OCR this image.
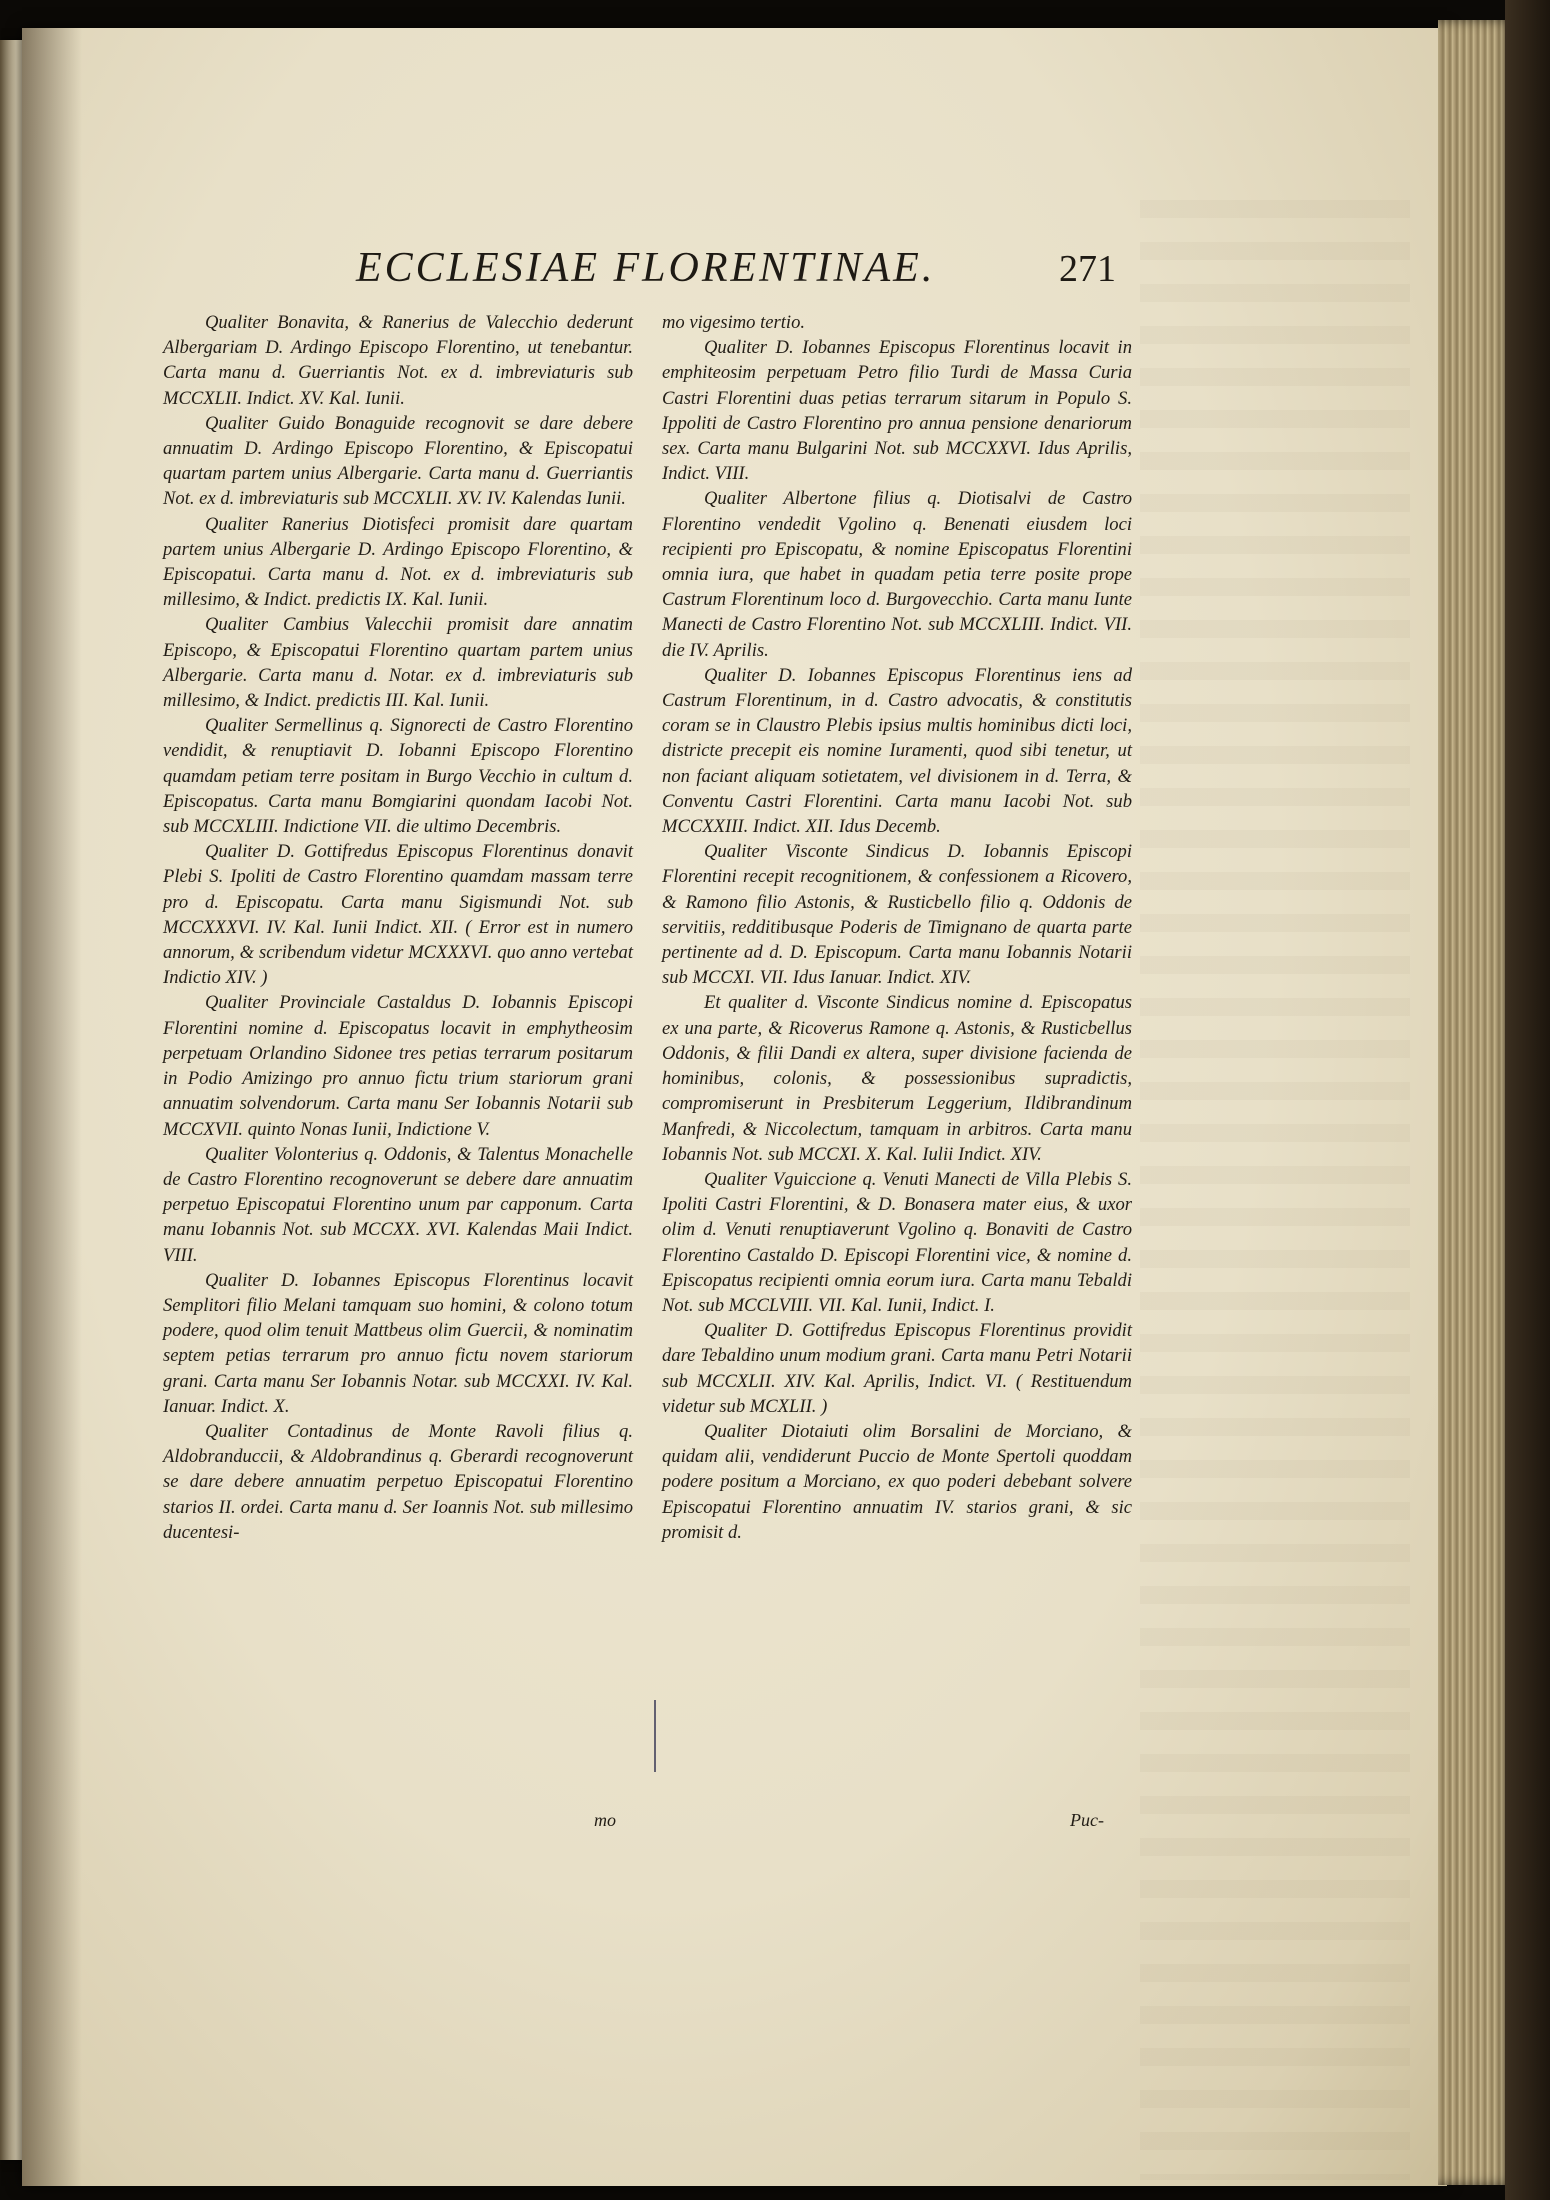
ECCLESIAE FLORENTINAE.	271

Qualiter Bonavita, & Ranerius de Valecchio dederunt Albergariam D. Ardingo Episcopo Florentino, ut tenebantur. Carta manu d. Guerriantis Not. ex d. imbreviaturis sub MCCXLII. Indict. XV. Kal. Iunii.

Qualiter Guido Bonaguide recognovit se dare debere annuatim D. Ardingo Episcopo Florentino, & Episcopatui quartam partem unius Albergarie. Carta manu d. Guerriantis Not. ex d. imbreviaturis sub MCCXLII. XV. IV. Kalendas Iunii.

Qualiter Ranerius Diotisfeci promisit dare quartam partem unius Albergarie D. Ardingo Episcopo Florentino, & Episcopatui. Carta manu d. Not. ex d. imbreviaturis sub millesimo, & Indict. predictis IX. Kal. Iunii.

Qualiter Cambius Valecchii promisit dare annatim Episcopo, & Episcopatui Florentino quartam partem unius Albergarie. Carta manu d. Notar. ex d. imbreviaturis sub millesimo, & Indict. predictis III. Kal. Iunii.

Qualiter Sermellinus q. Signorecti de Castro Florentino vendidit, & renuptiavit D. Iobanni Episcopo Florentino quamdam petiam terre positam in Burgo Vecchio in cultum d. Episcopatus. Carta manu Bomgiarini quondam Iacobi Not. sub MCCXLIII. Indictione VII. die ultimo Decembris.

Qualiter D. Gottifredus Episcopus Florentinus donavit Plebi S. Ipoliti de Castro Florentino quamdam massam terre pro d. Episcopatu. Carta manu Sigismundi Not. sub MCCXXXVI. IV. Kal. Iunii Indict. XII. ( Error est in numero annorum, & scribendum videtur MCXXXVI. quo anno vertebat Indictio XIV. )

Qualiter Provinciale Castaldus D. Iobannis Episcopi Florentini nomine d. Episcopatus locavit in emphytheosim perpetuam Orlandino Sidonee tres petias terrarum positarum in Podio Amizingo pro annuo fictu trium stariorum grani annuatim solvendorum. Carta manu Ser Iobannis Notarii sub MCCXVII. quinto Nonas Iunii, Indictione V.

Qualiter Volonterius q. Oddonis, & Talentus Monachelle de Castro Florentino recognoverunt se debere dare annuatim perpetuo Episcopatui Florentino unum par capponum. Carta manu Iobannis Not. sub MCCXX. XVI. Kalendas Maii Indict. VIII.

Qualiter D. Iobannes Episcopus Florentinus locavit Semplitori filio Melani tamquam suo homini, & colono totum podere, quod olim tenuit Mattbeus olim Guercii, & nominatim septem petias terrarum pro annuo fictu novem stariorum grani. Carta manu Ser Iobannis Notar. sub MCCXXI. IV. Kal. Ianuar. Indict. X.

Qualiter Contadinus de Monte Ravoli filius q. Aldobranduccii, & Aldobrandinus q. Gberardi recognoverunt se dare debere annuatim perpetuo Episcopatui Florentino starios II. ordei. Carta manu d. Ser Ioannis Not. sub millesimo ducentesi-

mo

mo vigesimo tertio.

Qualiter D. Iobannes Episcopus Florentinus locavit in emphiteosim perpetuam Petro filio Turdi de Massa Curia Castri Florentini duas petias terrarum sitarum in Populo S. Ippoliti de Castro Florentino pro annua pensione denariorum sex. Carta manu Bulgarini Not. sub MCCXXVI. Idus Aprilis, Indict. VIII.

Qualiter Albertone filius q. Diotisalvi de Castro Florentino vendedit Vgolino q. Benenati eiusdem loci recipienti pro Episcopatu, & nomine Episcopatus Florentini omnia iura, que habet in quadam petia terre posite prope Castrum Florentinum loco d. Burgovecchio. Carta manu Iunte Manecti de Castro Florentino Not. sub MCCXLIII. Indict. VII. die IV. Aprilis.

Qualiter D. Iobannes Episcopus Florentinus iens ad Castrum Florentinum, in d. Castro advocatis, & constitutis coram se in Claustro Plebis ipsius multis hominibus dicti loci, districte precepit eis nomine Iuramenti, quod sibi tenetur, ut non faciant aliquam sotietatem, vel divisionem in d. Terra, & Conventu Castri Florentini. Carta manu Iacobi Not. sub MCCXXIII. Indict. XII. Idus Decemb.

Qualiter Visconte Sindicus D. Iobannis Episcopi Florentini recepit recognitionem, & confessionem a Ricovero, & Ramono filio Astonis, & Rusticbello filio q. Oddonis de servitiis, redditibusque Poderis de Timignano de quarta parte pertinente ad d. D. Episcopum. Carta manu Iobannis Notarii sub MCCXI. VII. Idus Ianuar. Indict. XIV.

Et qualiter d. Visconte Sindicus nomine d. Episcopatus ex una parte, & Ricoverus Ramone q. Astonis, & Rusticbellus Oddonis, & filii Dandi ex altera, super divisione facienda de hominibus, colonis, & possessionibus supradictis, compromiserunt in Presbiterum Leggerium, Ildibrandinum Manfredi, & Niccolectum, tamquam in arbitros. Carta manu Iobannis Not. sub MCCXI. X. Kal. Iulii Indict. XIV.

Qualiter Vguiccione q. Venuti Manecti de Villa Plebis S. Ipoliti Castri Florentini, & D. Bonasera mater eius, & uxor olim d. Venuti renuptiaverunt Vgolino q. Bonaviti de Castro Florentino Castaldo D. Episcopi Florentini vice, & nomine d. Episcopatus recipienti omnia eorum iura. Carta manu Tebaldi Not. sub MCCLVIII. VII. Kal. Iunii, Indict. I.

Qualiter D. Gottifredus Episcopus Florentinus providit dare Tebaldino unum modium grani. Carta manu Petri Notarii sub MCCXLII. XIV. Kal. Aprilis, Indict. VI. ( Restituendum videtur sub MCXLII. )

Qualiter Diotaiuti olim Borsalini de Morciano, & quidam alii, vendiderunt Puccio de Monte Spertoli quoddam podere positum a Morciano, ex quo poderi debebant solvere Episcopatui Florentino annuatim IV. starios grani, & sic promisit d.

Puc-
